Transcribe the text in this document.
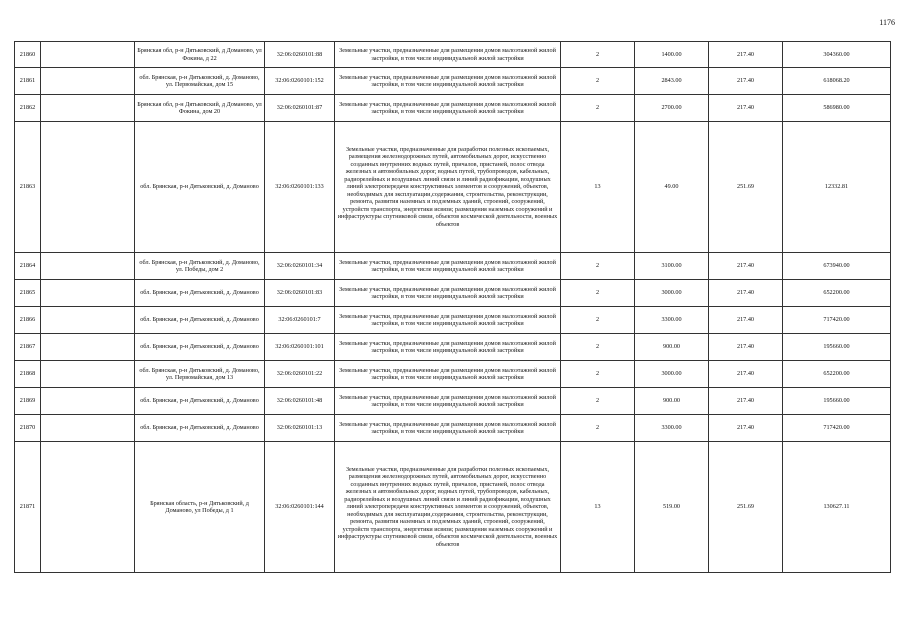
1176
21860		Брянская обл, р-н Дятьковский, д Доманово, ул Фокина, д 22	32:06:0260101:88	Земельные участки, предназначенные для размещения домов малоэтажной жилой застройки, в том числе индивидуальной жилой застройки	2	1400.00	217.40	304360.00
21861		обл. Брянская, р-н Дятьковский, д. Доманово, ул. Первомайская, дом 15	32:06:0260101:152	Земельные участки, предназначенные для размещения домов малоэтажной жилой застройки, в том числе индивидуальной жилой застройки	2	2843.00	217.40	618068.20
21862		Брянская обл, р-н Дятьковский, д Доманово, ул Фокина, дом 20	32:06:0260101:87	Земельные участки, предназначенные для размещения домов малоэтажной жилой застройки, в том числе индивидуальной жилой застройки	2	2700.00	217.40	586980.00
21863		обл. Брянская, р-н Дятьковский, д. Доманово	32:06:0260101:133	Земельные участки, предназначенные для разработки полезных ископаемых, размещения железнодорожных путей, автомобильных дорог, искусственно созданных внутренних водных путей, причалов, пристаней, полос отвода железных и автомобильных дорог, водных путей, трубопроводов, кабельных, радиорелейных и воздушных линий связи и линий радиофикации, воздушных линий электропередачи конструктивных элементов и сооружений, объектов, необходимых для эксплуатации,содержания, строительства, реконструкции, ремонта, развития наземных и подземных зданий, строений, сооружений, устройств транспорта, энергетики исвязи; размещения наземных сооружений и инфраструктуры спутниковой связи, объектов космической деятельности, военных объектов	13	49.00	251.69	12332.81
21864		обл. Брянская, р-н Дятьковский, д. Доманово, ул. Победы, дом 2	32:06:0260101:34	Земельные участки, предназначенные для размещения домов малоэтажной жилой застройки, в том числе индивидуальной жилой застройки	2	3100.00	217.40	673940.00
21865		обл. Брянская, р-н Дятьковский, д. Доманово	32:06:0260101:83	Земельные участки, предназначенные для размещения домов малоэтажной жилой застройки, в том числе индивидуальной жилой застройки	2	3000.00	217.40	652200.00
21866		обл. Брянская, р-н Дятьковский, д. Доманово	32:06:0260101:7	Земельные участки, предназначенные для размещения домов малоэтажной жилой застройки, в том числе индивидуальной жилой застройки	2	3300.00	217.40	717420.00
21867		обл. Брянская, р-н Дятьковский, д. Доманово	32:06:0260101:101	Земельные участки, предназначенные для размещения домов малоэтажной жилой застройки, в том числе индивидуальной жилой застройки	2	900.00	217.40	195660.00
21868		обл. Брянская, р-н Дятьковский, д. Доманово, ул. Первомайская, дом 13	32:06:0260101:22	Земельные участки, предназначенные для размещения домов малоэтажной жилой застройки, в том числе индивидуальной жилой застройки	2	3000.00	217.40	652200.00
21869		обл. Брянская, р-н Дятьковский, д. Доманово	32:06:0260101:48	Земельные участки, предназначенные для размещения домов малоэтажной жилой застройки, в том числе индивидуальной жилой застройки	2	900.00	217.40	195660.00
21870		обл. Брянская, р-н Дятьковский, д. Доманово	32:06:0260101:13	Земельные участки, предназначенные для размещения домов малоэтажной жилой застройки, в том числе индивидуальной жилой застройки	2	3300.00	217.40	717420.00
21871		Брянская область, р-н Дятьковский, д Доманово, ул Победы, д 1	32:06:0260101:144	Земельные участки, предназначенные для разработки полезных ископаемых, размещения железнодорожных путей, автомобильных дорог, искусственно созданных внутренних водных путей, причалов, пристаней, полос отвода железных и автомобильных дорог, водных путей, трубопроводов, кабельных, радиорелейных и воздушных линий связи и линий радиофикации, воздушных линий электропередачи конструктивных элементов и сооружений, объектов, необходимых для эксплуатации,содержания, строительства, реконструкции, ремонта, развития наземных и подземных зданий, строений, сооружений, устройств транспорта, энергетики исвязи; размещения наземных сооружений и инфраструктуры спутниковой связи, объектов космической деятельности, военных объектов	13	519.00	251.69	130627.11
